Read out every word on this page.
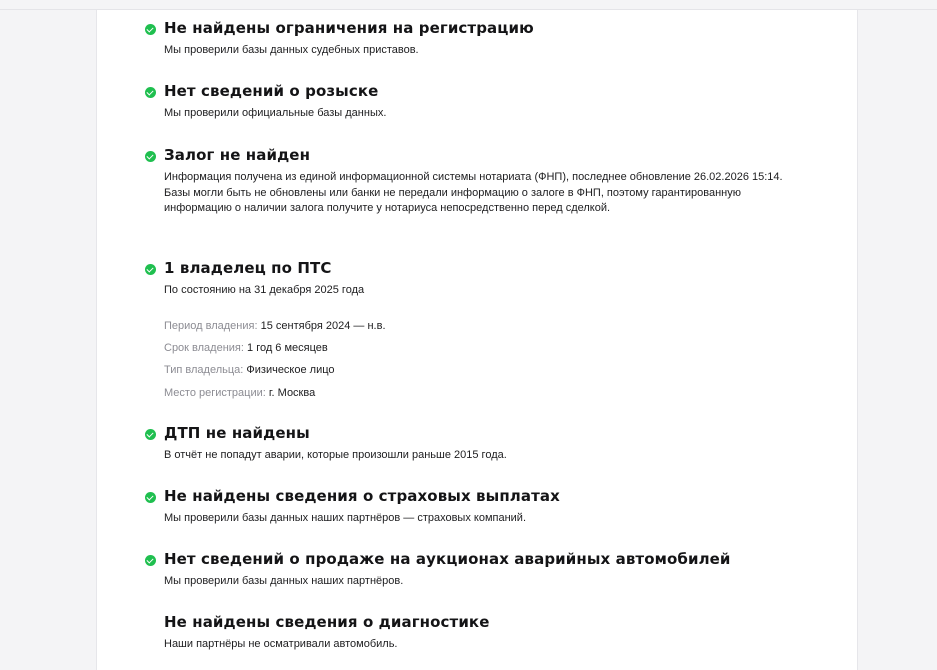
Не найдены ограничения на регистрацию
Мы проверили базы данных судебных приставов.
Нет сведений о розыске
Мы проверили официальные базы данных.
Залог не найден
Информация получена из единой информационной системы нотариата (ФНП), последнее обновление 26.02.2026 15:14. Базы могли быть не обновлены или банки не передали информацию о залоге в ФНП, поэтому гарантированную информацию о наличии залога получите у нотариуса непосредственно перед сделкой.
1 владелец по ПТС
По состоянию на 31 декабря 2025 года
Период владения: 15 сентября 2024 — н.в.
Срок владения: 1 год 6 месяцев
Тип владельца: Физическое лицо
Место регистрации: г. Москва
ДТП не найдены
В отчёт не попадут аварии, которые произошли раньше 2015 года.
Не найдены сведения о страховых выплатах
Мы проверили базы данных наших партнёров — страховых компаний.
Нет сведений о продаже на аукционах аварийных автомобилей
Мы проверили базы данных наших партнёров.
Не найдены сведения о диагностике
Наши партнёры не осматривали автомобиль.
